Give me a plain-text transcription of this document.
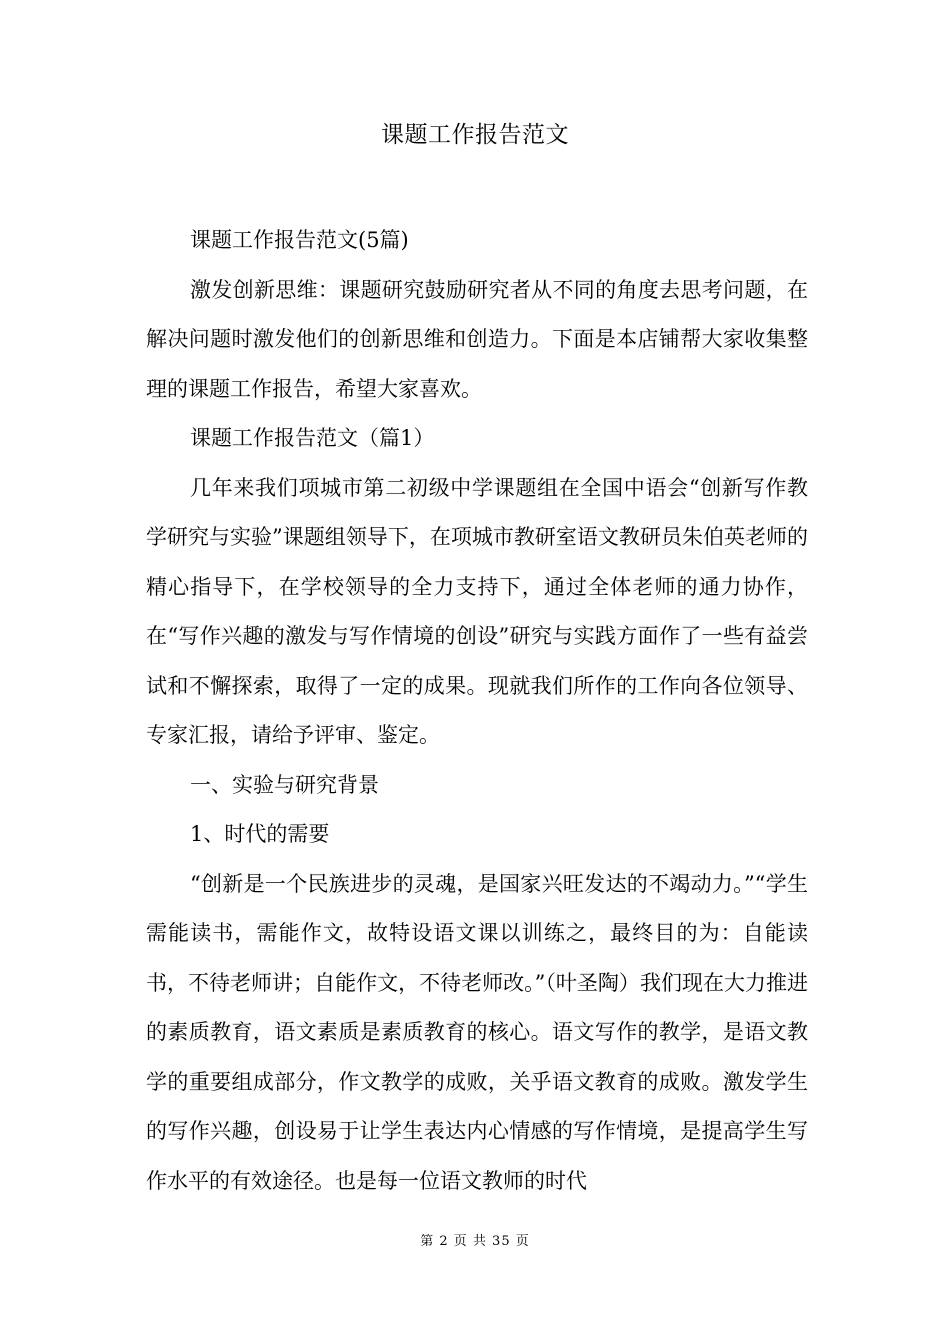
课题工作报告范文

课题工作报告范文(5篇)

激发创新思维：课题研究鼓励研究者从不同的角度去思考问题，在解决问题时激发他们的创新思维和创造力。下面是本店铺帮大家收集整理的课题工作报告，希望大家喜欢。

课题工作报告范文（篇1）

几年来我们项城市第二初级中学课题组在全国中语会“创新写作教学研究与实验”课题组领导下，在项城市教研室语文教研员朱伯英老师的精心指导下，在学校领导的全力支持下，通过全体老师的通力协作，在“写作兴趣的激发与写作情境的创设”研究与实践方面作了一些有益尝试和不懈探索，取得了一定的成果。现就我们所作的工作向各位领导、专家汇报，请给予评审、鉴定。

一、实验与研究背景

1、时代的需要

“创新是一个民族进步的灵魂，是国家兴旺发达的不竭动力。”“学生需能读书，需能作文，故特设语文课以训练之，最终目的为：自能读书，不待老师讲；自能作文，不待老师改。”（叶圣陶）我们现在大力推进的素质教育，语文素质是素质教育的核心。语文写作的教学，是语文教学的重要组成部分，作文教学的成败，关乎语文教育的成败。激发学生的写作兴趣，创设易于让学生表达内心情感的写作情境，是提高学生写作水平的有效途径。也是每一位语文教师的时代

第 2 页 共 35 页
